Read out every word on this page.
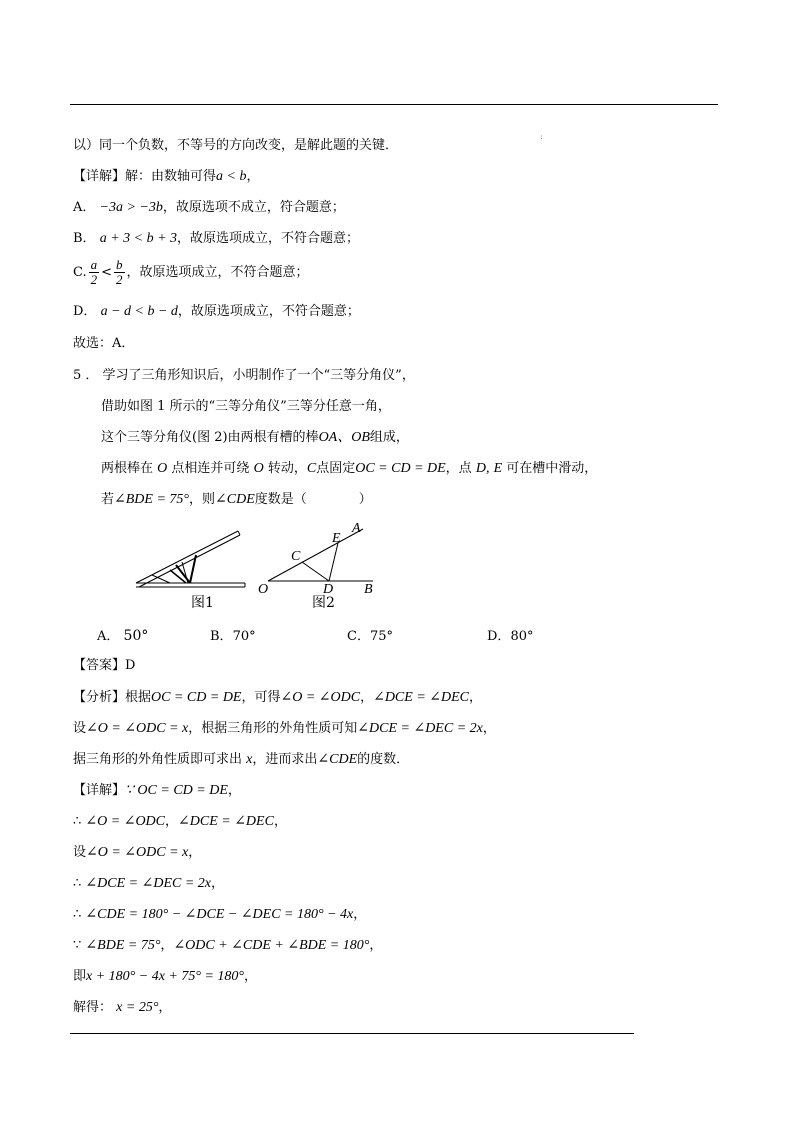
:
以）同一个负数，不等号的方向改变，是解此题的关键．
【详解】解：由数轴可得a < b，
A． −3a > −3b，故原选项不成立，符合题意；
B． a + 3 < b + 3，故原选项成立，不符合题意；
C. $\frac{a}{2} < \frac{b}{2}$ ，故原选项成立，不符合题意；
D． a − d < b − d，故原选项成立，不符合题意；
故选：A．
5 ． 学习了三角形知识后，小明制作了一个“三等分角仪”，
借助如图 1 所示的“三等分角仪”三等分任意一角，
这个三等分角仪(图 2)由两根有槽的棒OA、OB组成，
两根棒在 O 点相连并可绕 O 转动，C点固定OC = CD = DE，点 D, E 可在槽中滑动，
若∠BDE = 75°，则∠CDE度数是（　　　　）
图1
A
E
C
O	D B
图2
A． 50°	B．70°	C．75°	D．80°
【答案】D
【分析】根据OC = CD = DE，可得∠O = ∠ODC，∠DCE = ∠DEC，
设∠O = ∠ODC = x，根据三角形的外角性质可知∠DCE = ∠DEC = 2x，
据三角形的外角性质即可求出 x，进而求出∠CDE的度数．
【详解】∵ OC = CD = DE，
∴ ∠O = ∠ODC，∠DCE = ∠DEC，
设∠O = ∠ODC = x，
∴ ∠DCE = ∠DEC = 2x，
∴ ∠CDE = 180° − ∠DCE − ∠DEC = 180° − 4x，
∵ ∠BDE = 75°，∠ODC + ∠CDE + ∠BDE = 180°，
即x + 180° − 4x + 75° = 180°，
解得： x = 25°，
